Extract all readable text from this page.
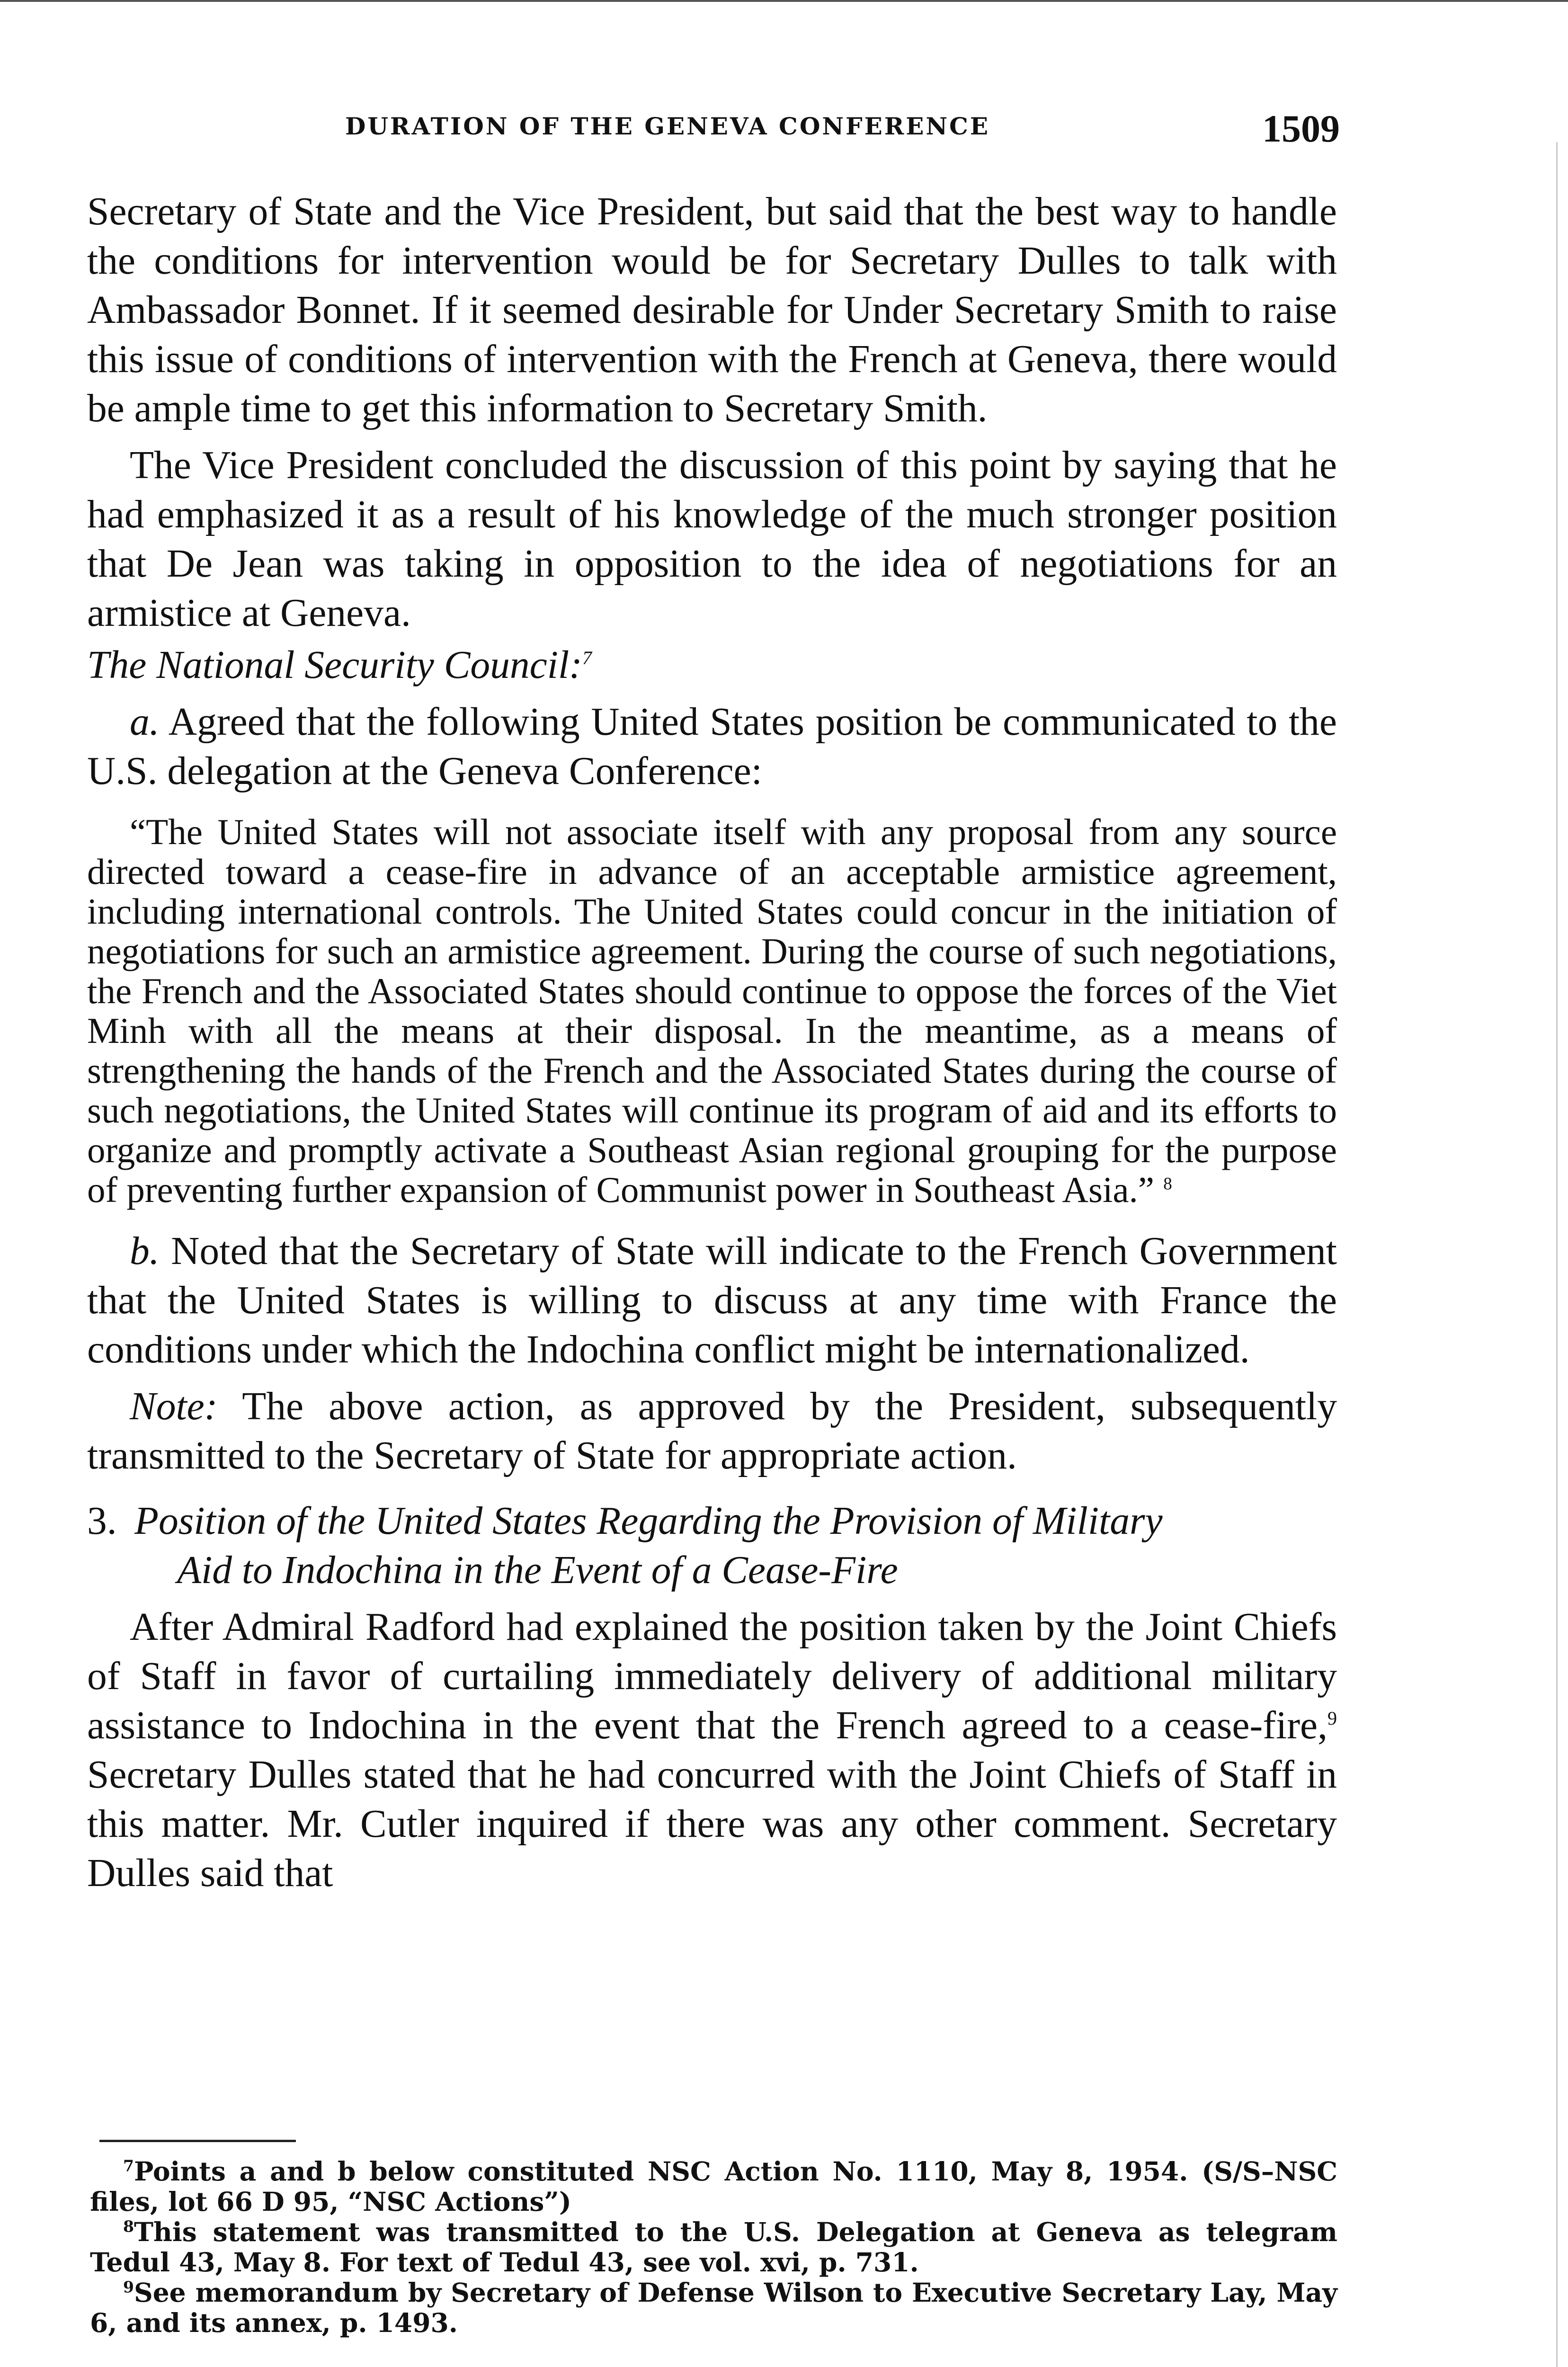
DURATION OF THE GENEVA CONFERENCE	1509

Secretary of State and the Vice President, but said that the best way to handle the conditions for intervention would be for Secretary Dulles to talk with Ambassador Bonnet. If it seemed desirable for Under Secretary Smith to raise this issue of conditions of intervention with the French at Geneva, there would be ample time to get this information to Secretary Smith.

The Vice President concluded the discussion of this point by saying that he had emphasized it as a result of his knowledge of the much stronger position that De Jean was taking in opposition to the idea of negotiations for an armistice at Geneva.

The National Security Council:$^7$

a. Agreed that the following United States position be communicated to the U.S. delegation at the Geneva Conference:

“The United States will not associate itself with any proposal from any source directed toward a cease-fire in advance of an acceptable armistice agreement, including international controls. The United States could concur in the initiation of negotiations for such an armistice agreement. During the course of such negotiations, the French and the Associated States should continue to oppose the forces of the Viet Minh with all the means at their disposal. In the meantime, as a means of strengthening the hands of the French and the Associated States during the course of such negotiations, the United States will continue its program of aid and its efforts to organize and promptly activate a Southeast Asian regional grouping for the purpose of preventing further expansion of Communist power in Southeast Asia.” $^8$

b. Noted that the Secretary of State will indicate to the French Government that the United States is willing to discuss at any time with France the conditions under which the Indochina conflict might be internationalized.

Note: The above action, as approved by the President, subsequently transmitted to the Secretary of State for appropriate action.

3. Position of the United States Regarding the Provision of Military
Aid to Indochina in the Event of a Cease-Fire

After Admiral Radford had explained the position taken by the Joint Chiefs of Staff in favor of curtailing immediately delivery of additional military assistance to Indochina in the event that the French agreed to a cease-fire,$^9$ Secretary Dulles stated that he had concurred with the Joint Chiefs of Staff in this matter. Mr. Cutler inquired if there was any other comment. Secretary Dulles said that

$^7$Points a and b below constituted NSC Action No. 1110, May 8, 1954. (S/S–NSC files, lot 66 D 95, “NSC Actions”)

$^8$This statement was transmitted to the U.S. Delegation at Geneva as telegram Tedul 43, May 8. For text of Tedul 43, see vol. xvi, p. 731.

$^9$See memorandum by Secretary of Defense Wilson to Executive Secretary Lay, May 6, and its annex, p. 1493.
